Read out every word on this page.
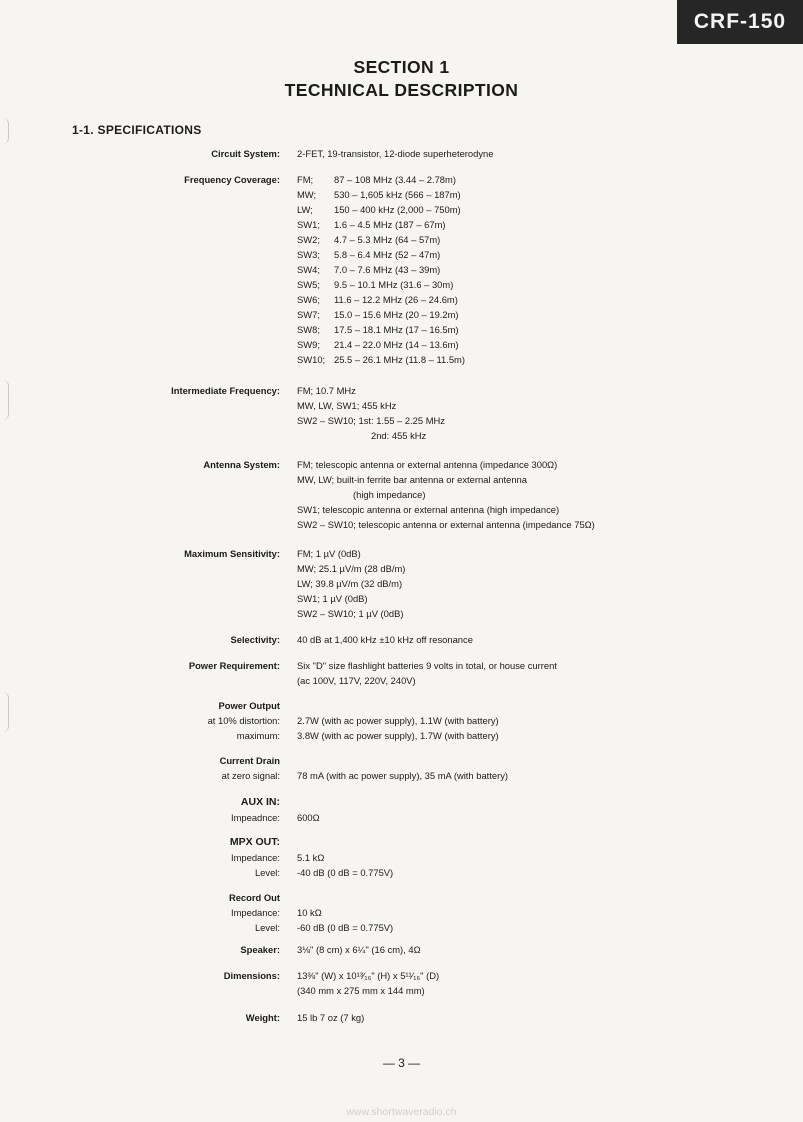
CRF-150
SECTION 1
TECHNICAL DESCRIPTION
1-1. SPECIFICATIONS
Circuit System: 2-FET, 19-transistor, 12-diode superheterodyne
Frequency Coverage: FM; 87 – 108 MHz (3.44 – 2.78m)
MW; 530 – 1,605 kHz (566 – 187m)
LW; 150 – 400 kHz (2,000 – 750m)
SW1; 1.6 – 4.5 MHz (187 – 67m)
SW2; 4.7 – 5.3 MHz (64 – 57m)
SW3; 5.8 – 6.4 MHz (52 – 47m)
SW4; 7.0 – 7.6 MHz (43 – 39m)
SW5; 9.5 – 10.1 MHz (31.6 – 30m)
SW6; 11.6 – 12.2 MHz (26 – 24.6m)
SW7; 15.0 – 15.6 MHz (20 – 19.2m)
SW8; 17.5 – 18.1 MHz (17 – 16.5m)
SW9; 21.4 – 22.0 MHz (14 – 13.6m)
SW10; 25.5 – 26.1 MHz (11.8 – 11.5m)
Intermediate Frequency: FM; 10.7 MHz
MW, LW, SW1; 455 kHz
SW2 – SW10; 1st: 1.55 – 2.25 MHz
2nd: 455 kHz
Antenna System: FM; telescopic antenna or external antenna (impedance 300Ω)
MW, LW; built-in ferrite bar antenna or external antenna
(high impedance)
SW1; telescopic antenna or external antenna (high impedance)
SW2 – SW10; telescopic antenna or external antenna (impedance 75Ω)
Maximum Sensitivity: FM; 1 µV (0dB)
MW; 25.1 µV/m (28 dB/m)
LW; 39.8 µV/m (32 dB/m)
SW1; 1 µV (0dB)
SW2 – SW10; 1 µV (0dB)
Selectivity: 40 dB at 1,400 kHz ±10 kHz off resonance
Power Requirement: Six "D" size flashlight batteries 9 volts in total, or house current
(ac 100V, 117V, 220V, 240V)
Power Output
at 10% distortion:
maximum:
2.7W (with ac power supply), 1.1W (with battery)
3.8W (with ac power supply), 1.7W (with battery)
Current Drain
at zero signal: 78 mA (with ac power supply), 35 mA (with battery)
AUX IN:
Impeadnce: 600Ω
MPX OUT:
Impedance:
Level:
5.1 kΩ
-40 dB (0 dB = 0.775V)
Record Out
Impedance:
Level:
10 kΩ
-60 dB (0 dB = 0.775V)
Speaker: 3⅛" (8 cm) x 6¼" (16 cm), 4Ω
Dimensions: 13⅜" (W) x 10¹³⁄₁₆" (H) x 5¹¹⁄₁₆" (D)
(340 mm x 275 mm x 144 mm)
Weight: 15 lb 7 oz (7 kg)
— 3 —
www.shortwaveradio.ch
